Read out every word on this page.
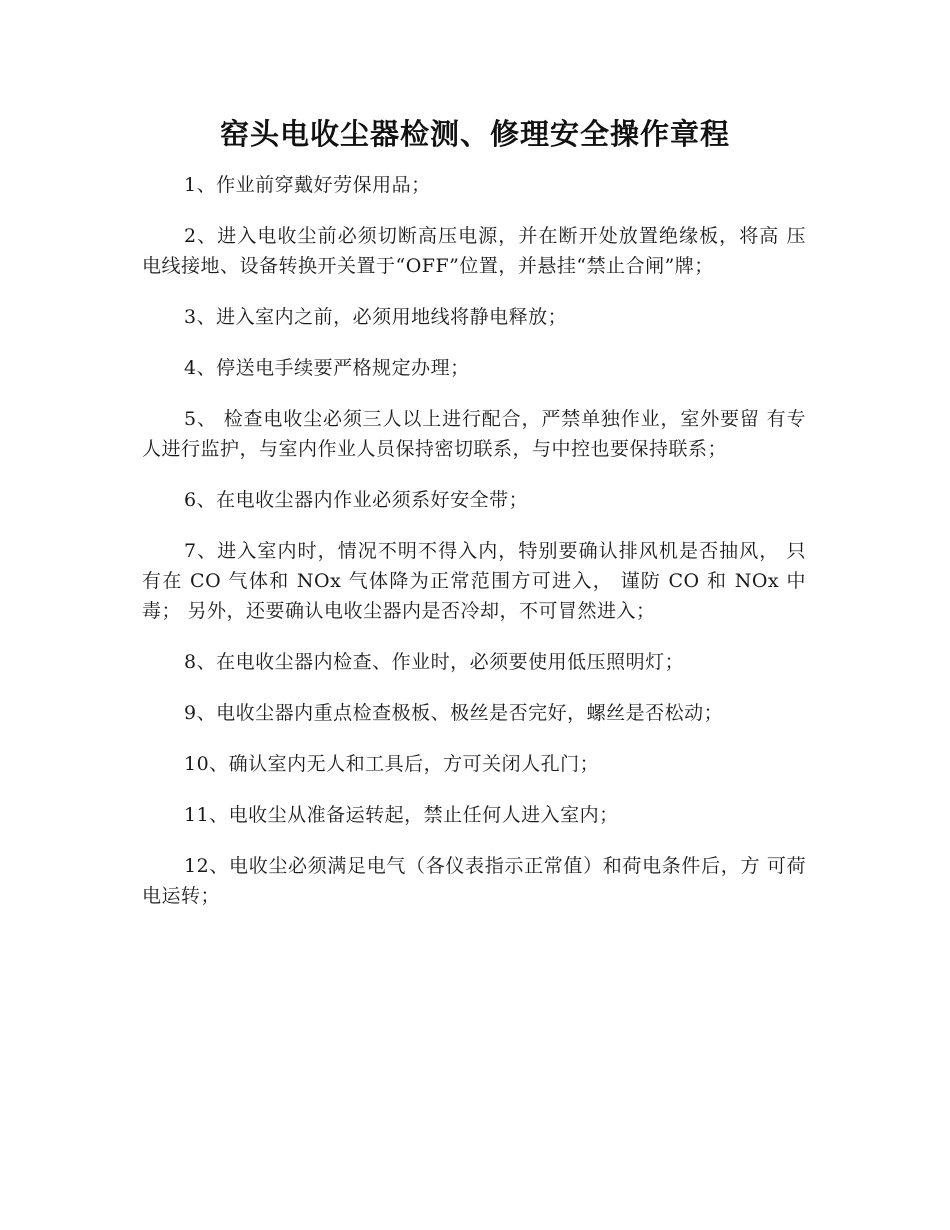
窑头电收尘器检测、修理安全操作章程

1、作业前穿戴好劳保用品；

2、进入电收尘前必须切断高压电源，并在断开处放置绝缘板，将高 压电线接地、设备转换开关置于“OFF”位置，并悬挂“禁止合闸”牌；

3、进入室内之前，必须用地线将静电释放；

4、停送电手续要严格规定办理；

5、 检查电收尘必须三人以上进行配合，严禁单独作业，室外要留 有专人进行监护，与室内作业人员保持密切联系，与中控也要保持联系；

6、在电收尘器内作业必须系好安全带；

7、进入室内时，情况不明不得入内，特别要确认排风机是否抽风， 只有在 CO 气体和 NOx 气体降为正常范围方可进入， 谨防 CO 和 NOx 中毒； 另外，还要确认电收尘器内是否冷却，不可冒然进入；

8、在电收尘器内检查、作业时，必须要使用低压照明灯；

9、电收尘器内重点检查极板、极丝是否完好，螺丝是否松动；

10、确认室内无人和工具后，方可关闭人孔门；

11、电收尘从准备运转起，禁止任何人进入室内；

12、电收尘必须满足电气（各仪表指示正常值）和荷电条件后，方 可荷电运转；
